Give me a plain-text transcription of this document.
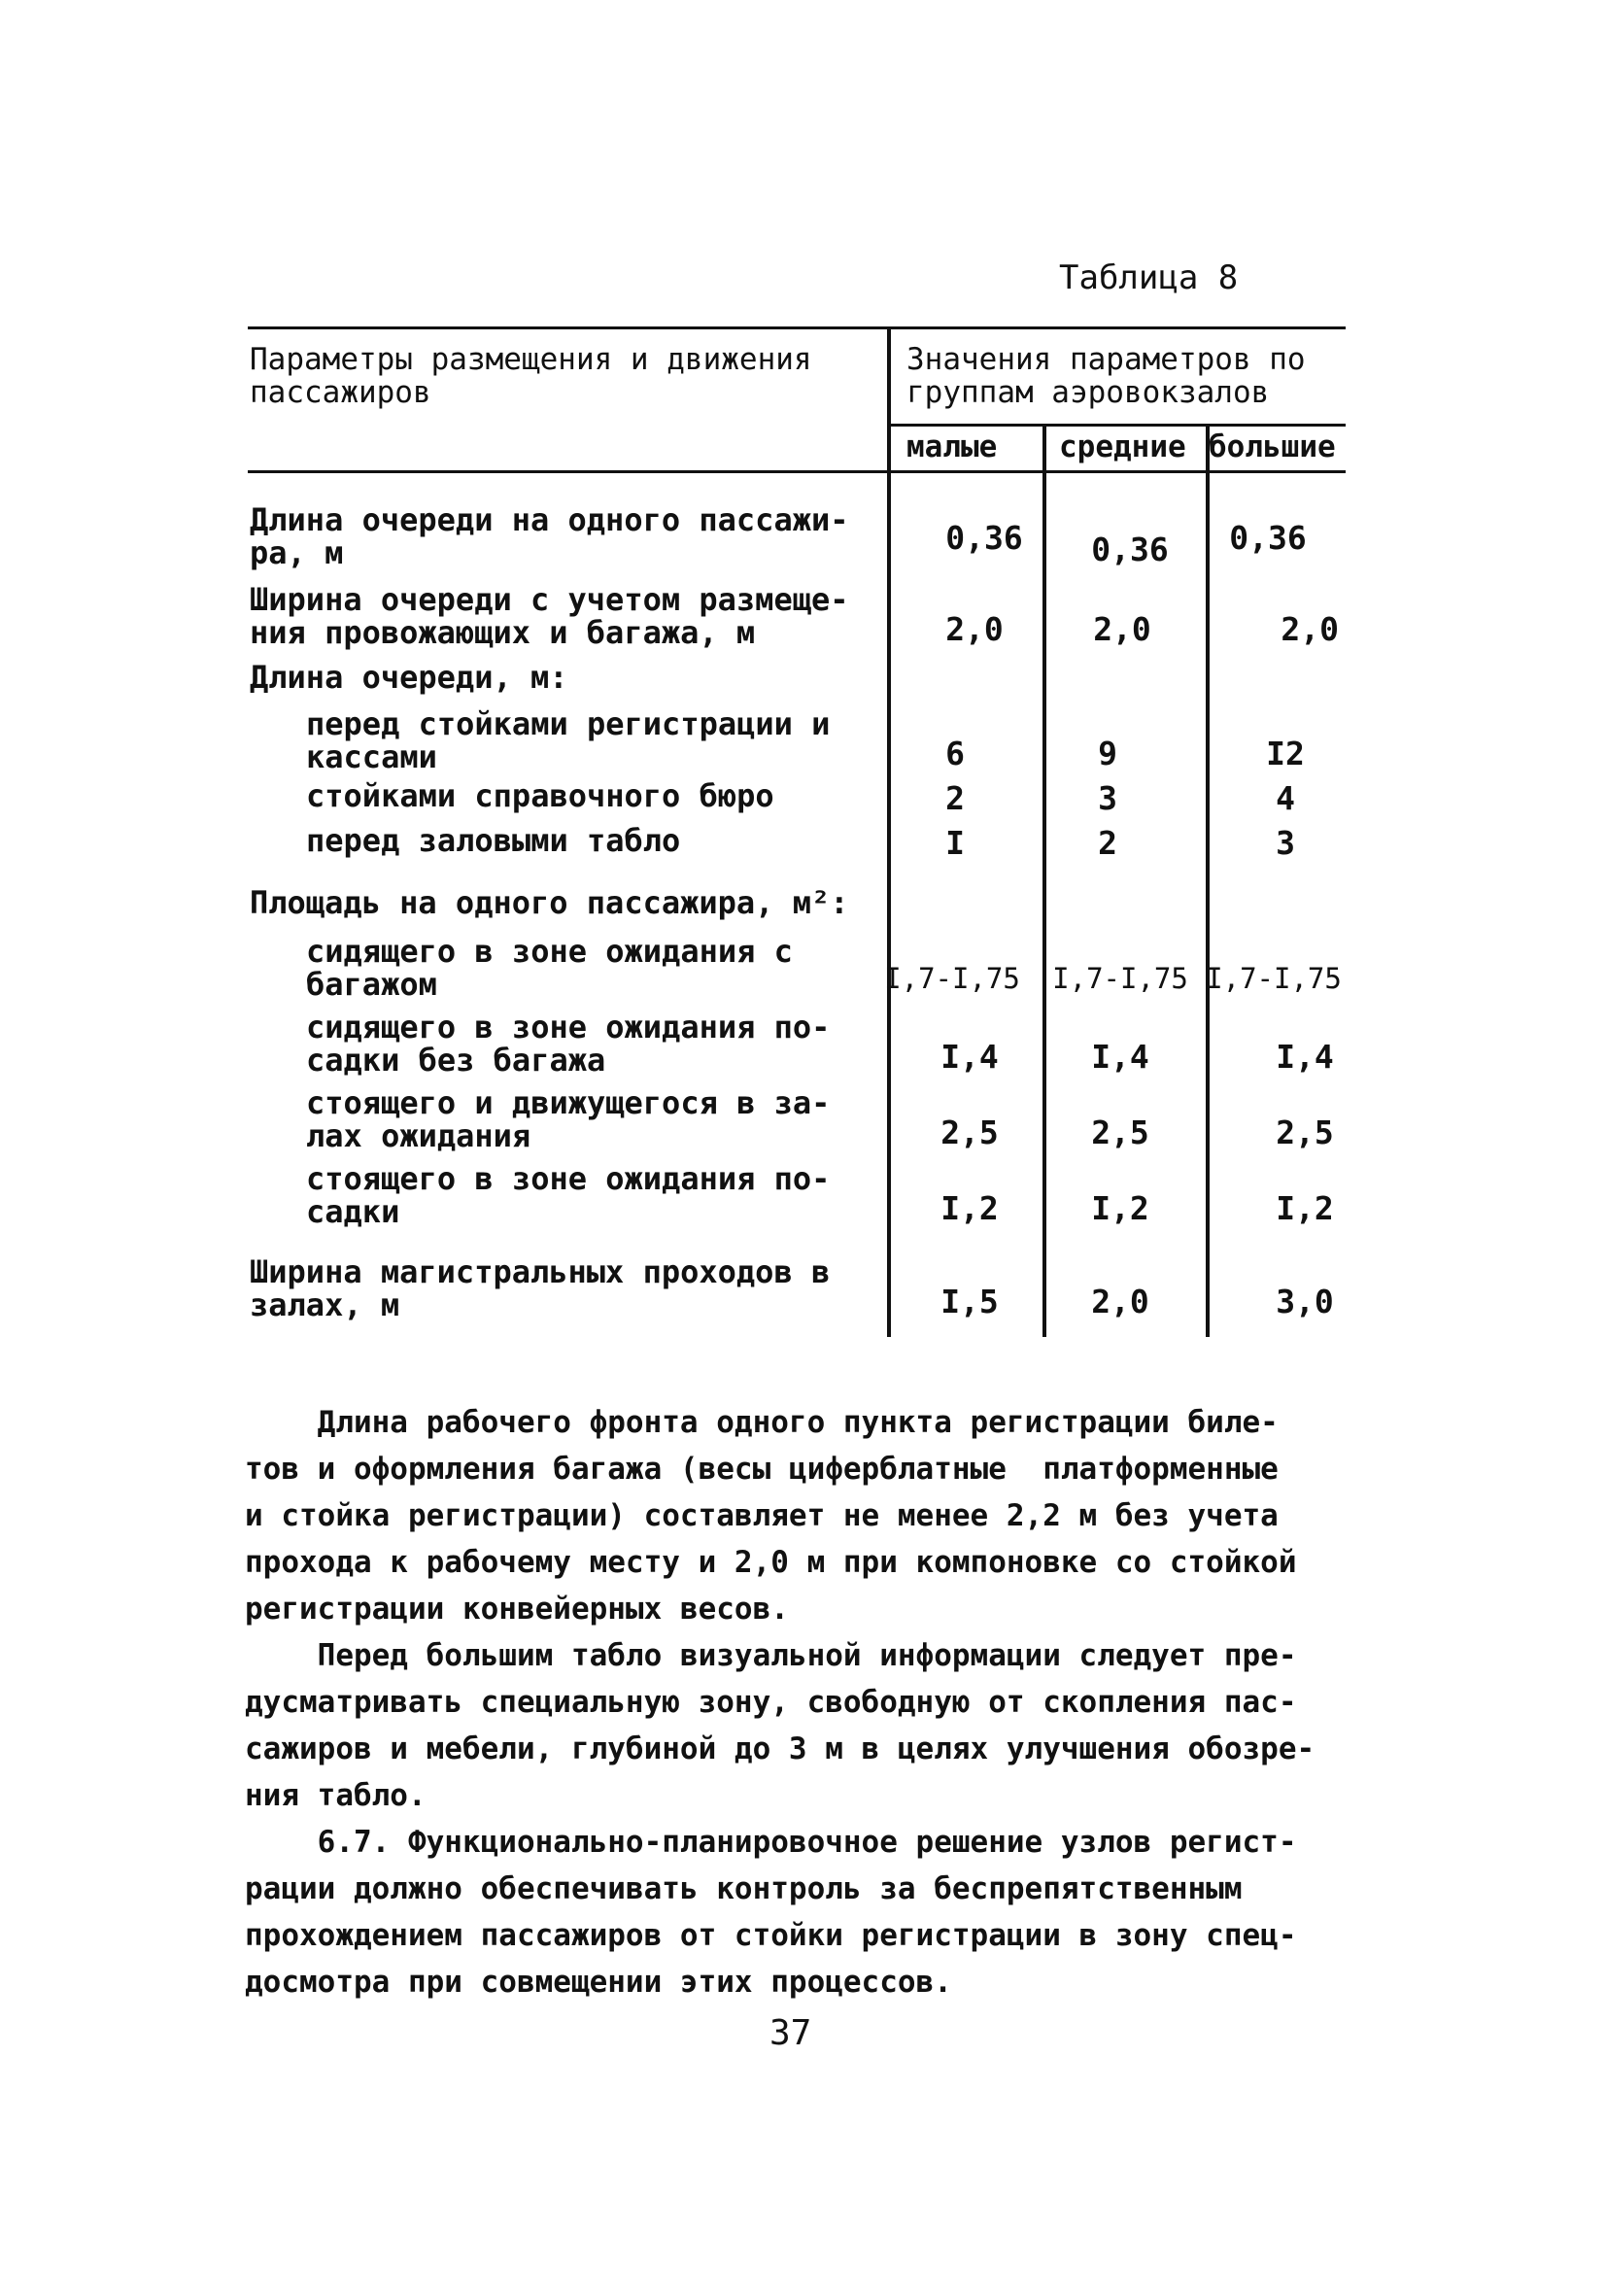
Таблица 8
Параметры размещения и движения
пассажиров
Значения параметров по
группам аэровокзалов
малые средние большие
Длина очереди на одного пассажи-
ра, м	0,36	0,36	0,36
Ширина очереди с учетом размеще-
ния провожающих и багажа, м	2,0	2,0	2,0
Длина очереди, м:
перед стойками регистрации и
кассами	6	9	I2
стойками справочного бюро	2	3	4
перед заловыми табло	I	2	3
Площадь на одного пассажира, м²:
сидящего в зоне ожидания с
багажом	I,7-I,75 I,7-I,75 I,7-I,75
сидящего в зоне ожидания по-
садки без багажа	I,4	I,4	I,4
стоящего и движущегося в за-
лах ожидания	2,5	2,5	2,5
стоящего в зоне ожидания по-
садки	I,2	I,2	I,2
Ширина магистральных проходов в
залах, м	I,5	2,0	3,0
Длина рабочего фронта одного пункта регистрации биле-
тов и оформления багажа (весы циферблатные  платформенные
и стойка регистрации) составляет не менее 2,2 м без учета
прохода к рабочему месту и 2,0 м при компоновке со стойкой
регистрации конвейерных весов.
Перед большим табло визуальной информации следует пре-
дусматривать специальную зону, свободную от скопления пас-
сажиров и мебели, глубиной до 3 м в целях улучшения обозре-
ния табло.
6.7. Функционально-планировочное решение узлов регист-
рации должно обеспечивать контроль за беспрепятственным
прохождением пассажиров от стойки регистрации в зону спец-
досмотра при совмещении этих процессов.
37
